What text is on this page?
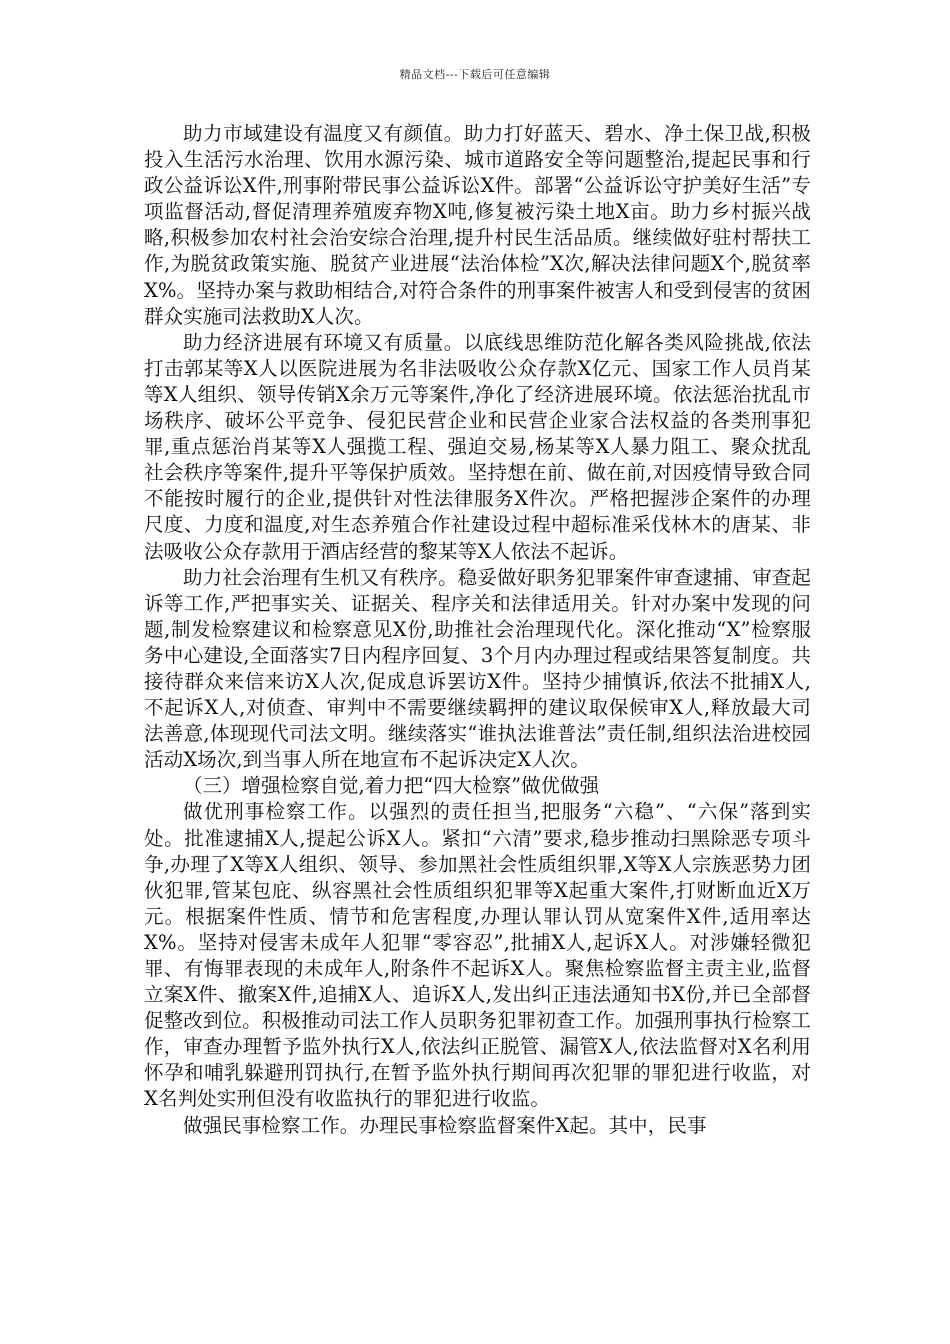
精品文档---下载后可任意编辑

助力市域建设有温度又有颜值。助力打好蓝天、碧水、净土保卫战,积极投入生活污水治理、饮用水源污染、城市道路安全等问题整治,提起民事和行政公益诉讼X件,刑事附带民事公益诉讼X件。部署“公益诉讼守护美好生活”专项监督活动,督促清理养殖废弃物X吨,修复被污染土地X亩。助力乡村振兴战略,积极参加农村社会治安综合治理,提升村民生活品质。继续做好驻村帮扶工作,为脱贫政策实施、脱贫产业进展“法治体检”X次,解决法律问题X个,脱贫率X%。坚持办案与救助相结合,对符合条件的刑事案件被害人和受到侵害的贫困群众实施司法救助X人次。

助力经济进展有环境又有质量。以底线思维防范化解各类风险挑战,依法打击郭某等X人以医院进展为名非法吸收公众存款X亿元、国家工作人员肖某等X人组织、领导传销X余万元等案件,净化了经济进展环境。依法惩治扰乱市场秩序、破坏公平竞争、侵犯民营企业和民营企业家合法权益的各类刑事犯罪,重点惩治肖某等X人强揽工程、强迫交易,杨某等X人暴力阻工、聚众扰乱社会秩序等案件,提升平等保护质效。坚持想在前、做在前,对因疫情导致合同不能按时履行的企业,提供针对性法律服务X件次。严格把握涉企案件的办理尺度、力度和温度,对生态养殖合作社建设过程中超标准采伐林木的唐某、非法吸收公众存款用于酒店经营的黎某等X人依法不起诉。

助力社会治理有生机又有秩序。稳妥做好职务犯罪案件审查逮捕、审查起诉等工作,严把事实关、证据关、程序关和法律适用关。针对办案中发现的问题,制发检察建议和检察意见X份,助推社会治理现代化。深化推动“X”检察服务中心建设,全面落实7日内程序回复、3个月内办理过程或结果答复制度。共接待群众来信来访X人次,促成息诉罢访X件。坚持少捕慎诉,依法不批捕X人,不起诉X人,对侦查、审判中不需要继续羁押的建议取保候审X人,释放最大司法善意,体现现代司法文明。继续落实“谁执法谁普法”责任制,组织法治进校园活动X场次,到当事人所在地宣布不起诉决定X人次。

（三）增强检察自觉,着力把“四大检察”做优做强

做优刑事检察工作。以强烈的责任担当,把服务“六稳”、“六保”落到实处。批准逮捕X人,提起公诉X人。紧扣“六清”要求,稳步推动扫黑除恶专项斗争,办理了X等X人组织、领导、参加黑社会性质组织罪,X等X人宗族恶势力团伙犯罪,管某包庇、纵容黑社会性质组织犯罪等X起重大案件,打财断血近X万元。根据案件性质、情节和危害程度,办理认罪认罚从宽案件X件,适用率达X%。坚持对侵害未成年人犯罪“零容忍”,批捕X人,起诉X人。对涉嫌轻微犯罪、有悔罪表现的未成年人,附条件不起诉X人。聚焦检察监督主责主业,监督立案X件、撤案X件,追捕X人、追诉X人,发出纠正违法通知书X份,并已全部督促整改到位。积极推动司法工作人员职务犯罪初查工作。加强刑事执行检察工作，审查办理暂予监外执行X人,依法纠正脱管、漏管X人,依法监督对X名利用怀孕和哺乳躲避刑罚执行,在暂予监外执行期间再次犯罪的罪犯进行收监，对X名判处实刑但没有收监执行的罪犯进行收监。

做强民事检察工作。办理民事检察监督案件X起。其中，民事
